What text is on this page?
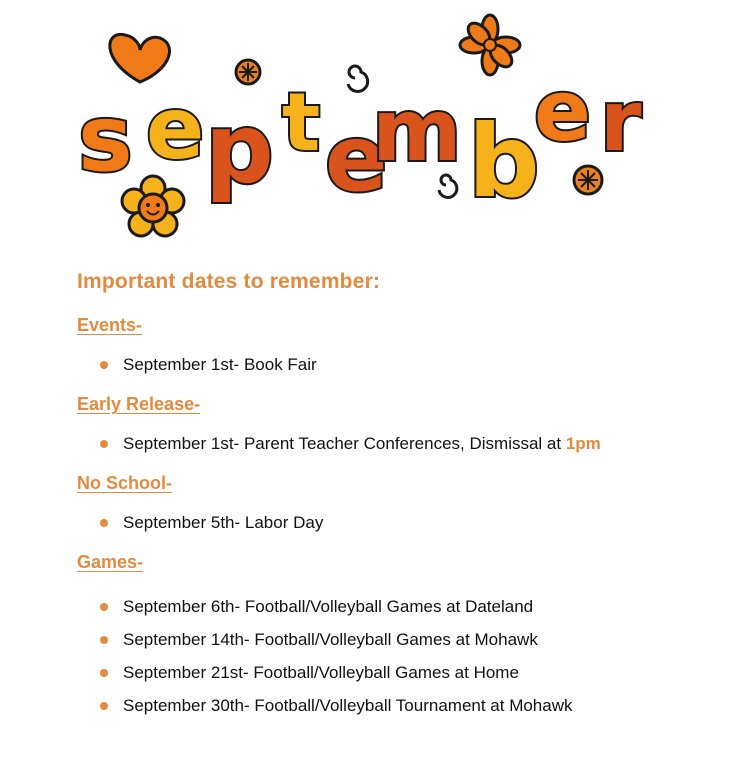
s e p t e
m b
e r

Important dates to remember:

Events-

September 1st- Book Fair

Early Release-

September 1st- Parent Teacher Conferences, Dismissal at 1pm

No School-

September 5th- Labor Day

Games-

September 6th- Football/Volleyball Games at Dateland
September 14th- Football/Volleyball Games at Mohawk
September 21st- Football/Volleyball Games at Home
September 30th- Football/Volleyball Tournament at Mohawk
